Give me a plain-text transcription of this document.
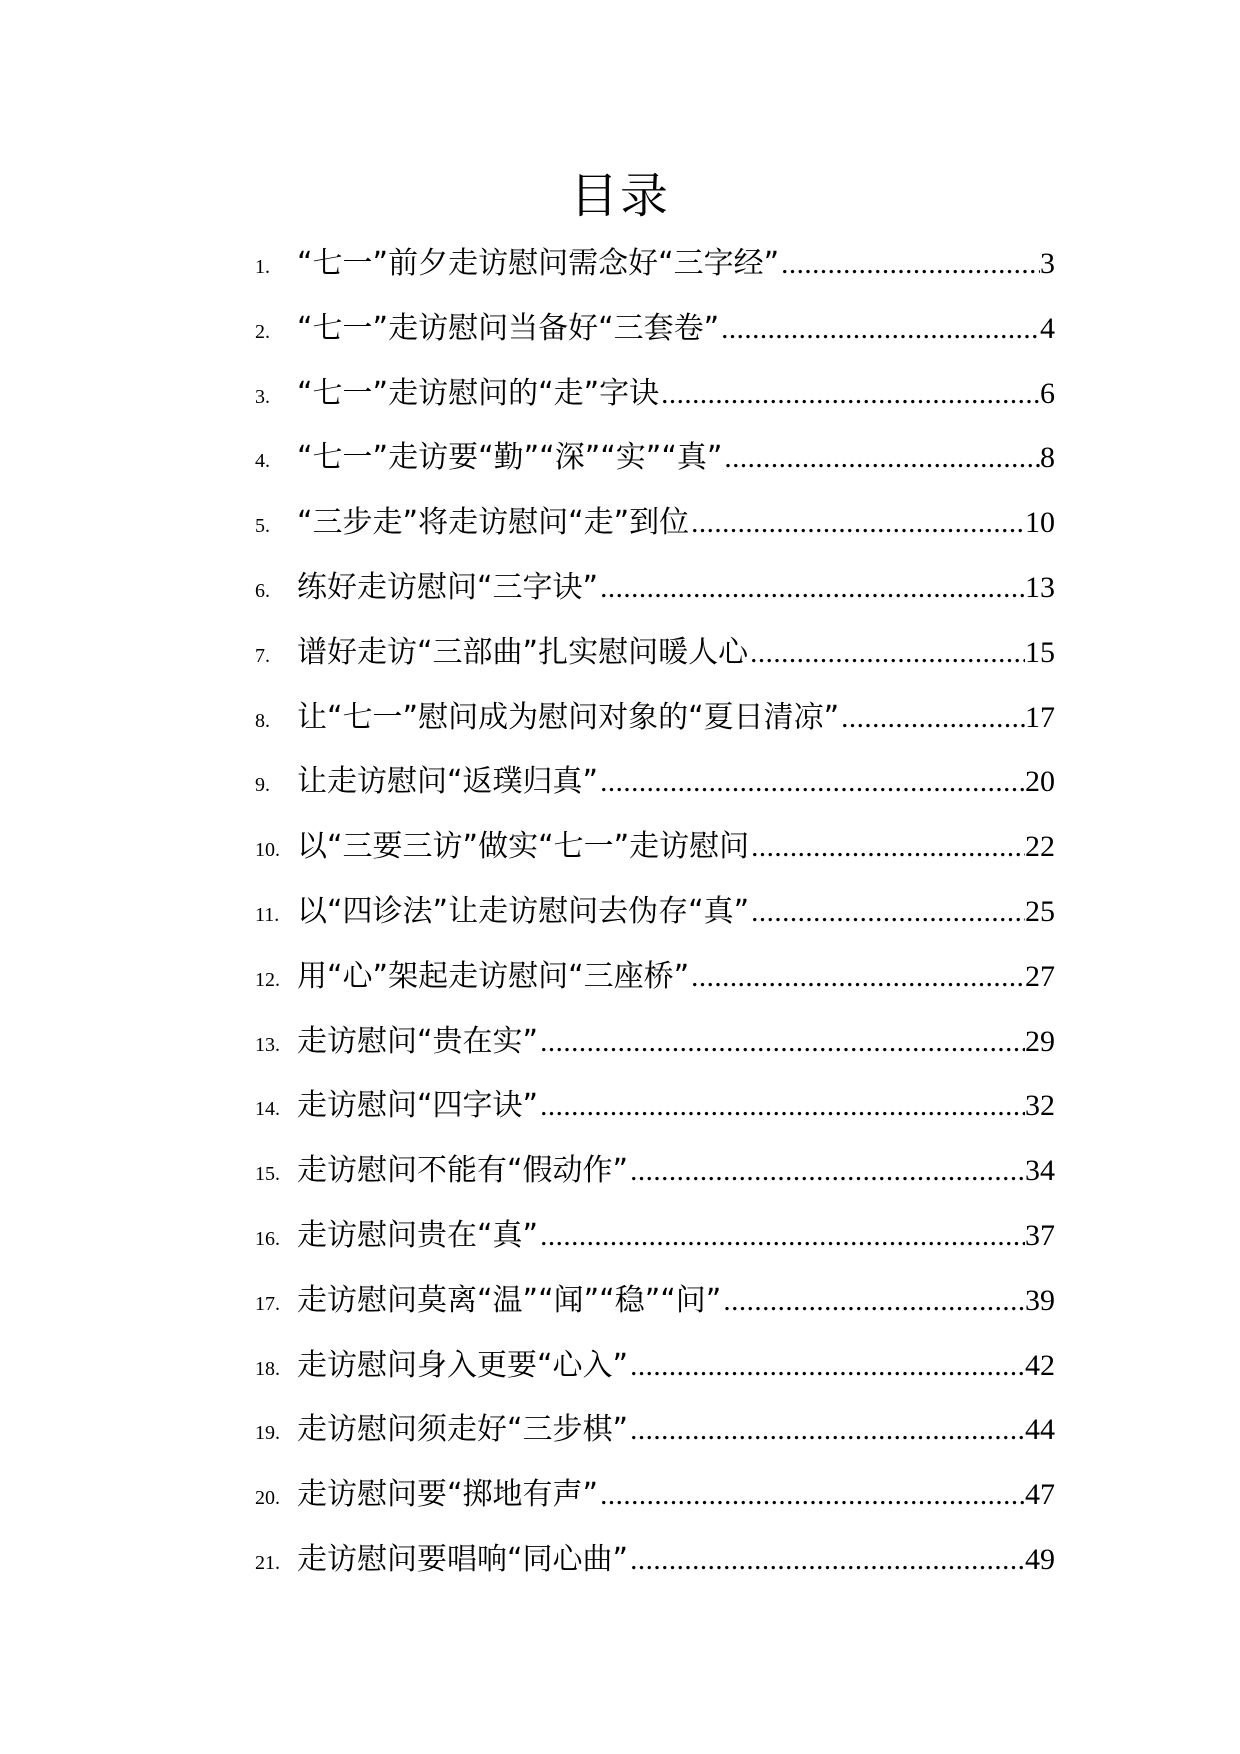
目录
1. “七一”前夕走访慰问需念好“三字经” .....	3
2. “七一”走访慰问当备好“三套卷” .....	4
3. “七一”走访慰问的“走”字诀 .....	6
4. “七一”走访要“勤”“深”“实”“真” .....	8
5. “三步走”将走访慰问“走”到位 .....	10
6. 练好走访慰问“三字诀” .....	13
7. 谱好走访“三部曲”扎实慰问暖人心 .....	15
8. 让“七一”慰问成为慰问对象的“夏日清凉” .....	17
9. 让走访慰问“返璞归真” .....	20
10. 以“三要三访”做实“七一”走访慰问 .....	22
11. 以“四诊法”让走访慰问去伪存“真” .....	25
12. 用“心”架起走访慰问“三座桥” .....	27
13. 走访慰问“贵在实” .....	29
14. 走访慰问“四字诀” .....	32
15. 走访慰问不能有“假动作” .....	34
16. 走访慰问贵在“真” .....	37
17. 走访慰问莫离“温”“闻”“稳”“问” .....	39
18. 走访慰问身入更要“心入” .....	42
19. 走访慰问须走好“三步棋” .....	44
20. 走访慰问要“掷地有声” .....	47
21. 走访慰问要唱响“同心曲” .....	49
